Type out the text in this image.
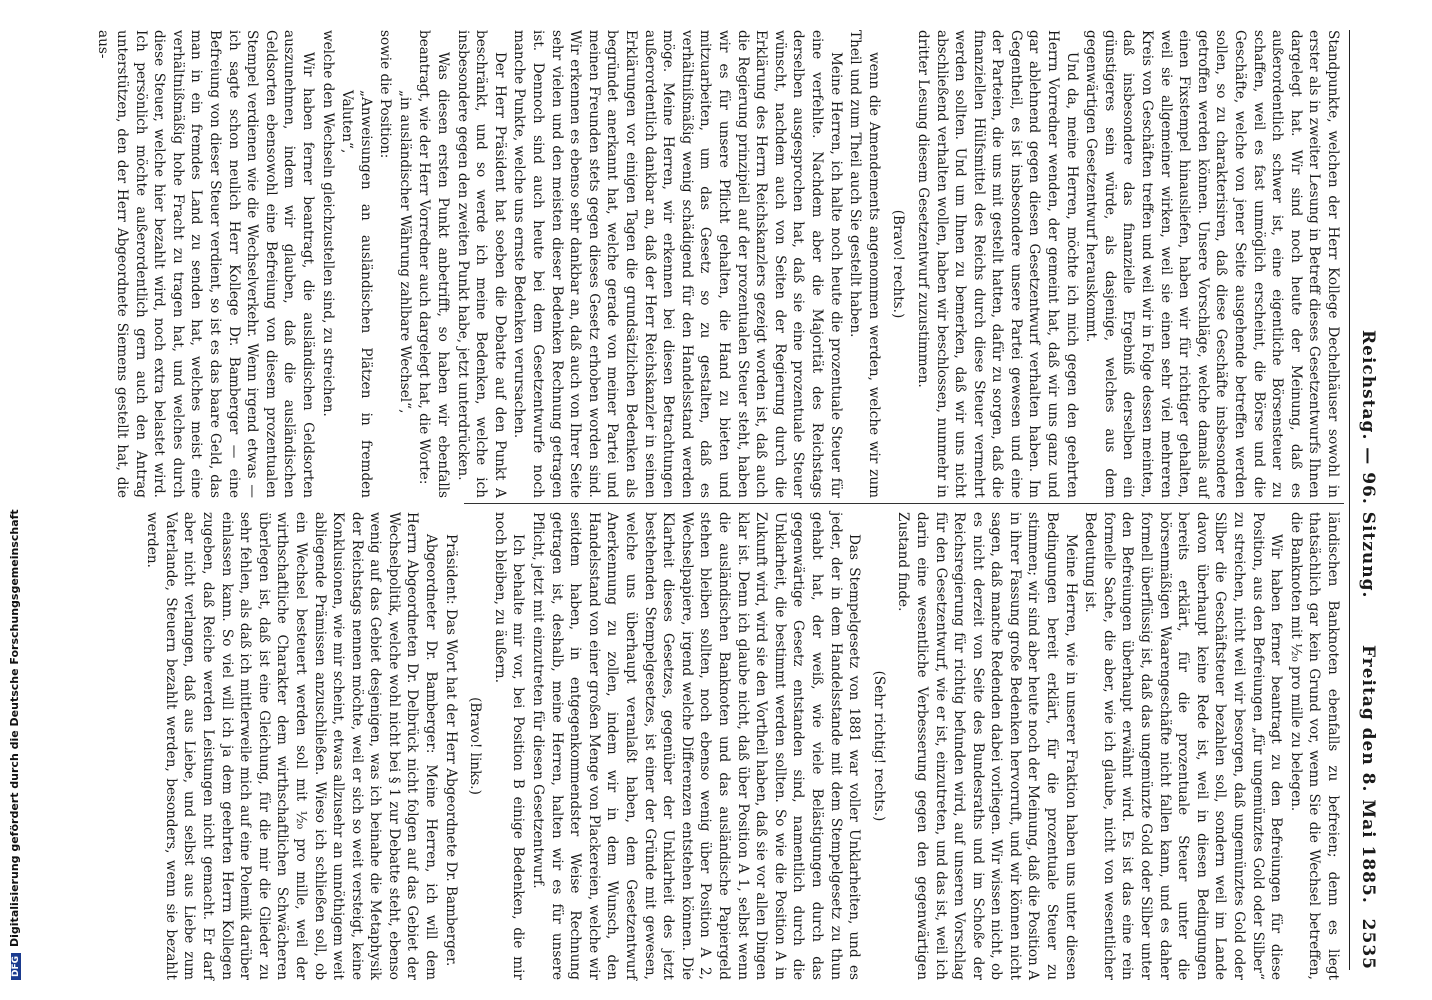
Reichstag. — 96. Sitzung.
Freitag den 8. Mai 1885.
2535

Standpunkte, welchen der Herr Kollege Dechelhäuser sowohl in erster als in zweiter Lesung in Betreff dieses Gesetzentwurfs Ihnen dargelegt hat. Wir sind noch heute der Meinung, daß es außerordentlich schwer ist, eine eigentliche Börsensteuer zu schaffen, weil es fast unmöglich erscheint, die Börse und die Geschäfte, welche von jener Seite ausgehende betreffen werden sollen, so zu charakterisiren, daß diese Geschäfte insbesondere getroffen werden können. Unsere Vorschläge, welche damals auf einen Fixstempel hinausliefen, haben wir für richtiger gehalten, weil sie allgemeiner wirken, weil sie einen sehr viel mehreren Kreis von Geschäften treffen und weil wir in Folge dessen meinten, daß insbesondere das finanzielle Ergebniß derselben ein günstigeres sein würde, als dasjenige, welches aus dem gegenwärtigen Gesetzentwurf herauskommt.

Und da, meine Herren, möchte ich mich gegen den geehrten Herrn Vorredner wenden, der gemeint hat, daß wir uns ganz und gar ablehnend gegen diesen Gesetzentwurf verhalten haben. Im Gegentheil, es ist insbesondere unsere Partei gewesen und eine der Parteien, die uns mit gestellt hatten, dafür zu sorgen, daß die finanziellen Hülfsmittel des Reichs durch diese Steuer vermehrt werden sollten. Und um Ihnen zu bemerken, daß wir uns nicht abschließend verhalten wollen, haben wir beschlossen, nunmehr in dritter Lesung diesem Gesetzentwurf zuzustimmen.

(Bravo! rechts.)

wenn die Amendements angenommen werden, welche wir zum Theil und zum Theil auch Sie gestellt haben.

Meine Herren, ich halte noch heute die prozentuale Steuer für eine verfehlte. Nachdem aber die Majorität des Reichstags derselben ausgesprochen hat, daß sie eine prozentuale Steuer wünscht, nachdem auch von Seiten der Regierung durch die Erklärung des Herrn Reichskanzlers gezeigt worden ist, daß auch die Regierung prinzipiell auf der prozentualen Steuer steht, haben wir es für unsere Pflicht gehalten, die Hand zu bieten und mitzuarbeiten, um das Gesetz so zu gestalten, daß es verhältnißmäßig wenig schädigend für den Handelsstand werden möge. Meine Herren, wir erkennen bei diesen Betrachtungen außerordentlich dankbar an, daß der Herr Reichskanzler in seinen Erklärungen vor einigen Tagen die grundsätzlichen Bedenken als begründet anerkannt hat, welche gerade von meiner Partei und meinen Freunden stets gegen dieses Gesetz erhoben worden sind. Wir erkennen es ebenso sehr dankbar an, daß auch von Ihrer Seite sehr vielen und den meisten dieser Bedenken Rechnung getragen ist. Dennoch sind auch heute bei dem Gesetzentwurfe noch manche Punkte, welche uns ernste Bedenken verursachen.

Der Herr Präsident hat soeben die Debatte auf den Punkt A beschränkt, und so werde ich meine Bedenken, welche ich insbesondere gegen den zweiten Punkt habe, jetzt unterdrücken.

Was diesen ersten Punkt anbetrifft, so haben wir ebenfalls beantragt, wie der Herr Vorredner auch dargelegt hat, die Worte:

„in ausländischer Währung zahlbare Wechsel“,

sowie die Position:

„Anweisungen an ausländischen Plätzen in fremden Valuten“,

welche den Wechseln gleichzustellen sind, zu streichen.

Wir haben ferner beantragt, die ausländischen Geldsorten auszunehmen, indem wir glauben, daß die ausländischen Geldsorten ebensowohl eine Befreiung von diesem prozentualen Stempel verdienen wie die Wechselverkehr. Wenn irgend etwas — ich sagte schon neulich Herr Kollege Dr. Bamberger — eine Befreiung von dieser Steuer verdient, so ist es das baare Geld, das man in ein fremdes Land zu senden hat, welches meist eine verhältnißmäßig hohe Fracht zu tragen hat, und welches durch diese Steuer, welche hier bezahlt wird, noch extra belastet wird. Ich persönlich möchte außerordentlich gern auch den Antrag unterstützen, den der Herr Abgeordnete Siemens gestellt hat, die aus-

ländischen Banknoten ebenfalls zu befreien; denn es liegt thatsächlich gar kein Grund vor, wenn Sie die Wechsel betreffen, die Banknoten mit ½₀ pro mille zu belegen.

Wir haben ferner beantragt zu den Befreiungen für diese Position, aus den Befreiungen „für ungemünztes Gold oder Silber“ zu streichen, nicht weil wir besorgen, daß ungemünztes Gold oder Silber die Geschäftsteuer bezahlen soll, sondern weil im Lande davon überhaupt keine Rede ist, weil in diesen Bedingungen bereits erklärt, für die prozentuale Steuer unter die börsenmäßigen Waarengeschäfte nicht fallen kann, und es daher formell überflüssig ist, daß das ungemünzte Gold oder Silber unter den Befreiungen überhaupt erwähnt wird. Es ist das eine rein formelle Sache, die aber, wie ich glaube, nicht von wesentlicher Bedeutung ist.

Meine Herren, wie in unserer Fraktion haben uns unter diesen Bedingungen bereit erklärt, für die prozentuale Steuer zu stimmen; wir sind aber heute noch der Meinung, daß die Position A in ihrer Fassung große Bedenken hervorruft, und wir können nicht sagen, daß manche Redenden dabei vorliegen. Wir wissen nicht, ob es nicht derzeit von Seite des Bundesraths und im Schoße der Reichsregierung für richtig befunden wird, auf unseren Vorschlag für den Gesetzentwurf, wie er ist, einzutreten, und das ist, weil ich darin eine wesentliche Verbesserung gegen den gegenwärtigen Zustand finde.

(Sehr richtig! rechts.)

Das Stempelgesetz von 1881 war voller Unklarheiten, und es jeder, der in dem Handelsstande mit dem Stempelgesetz zu thun gehabt hat, der weiß, wie viele Belästigungen durch das gegenwärtige Gesetz entstanden sind, namentlich durch die Unklarheit, die bestimmt werden sollten. So wie die Position A in Zukunft wird, wird sie den Vortheil haben, daß sie vor allen Dingen klar ist. Denn ich glaube nicht, daß über Position A 1, selbst wenn die ausländischen Banknoten und das ausländische Papiergeld stehen bleiben sollten, noch ebenso wenig über Position A 2, Wechselpapiere, irgend welche Differenzen entstehen können. Die Klarheit dieses Gesetzes, gegenüber der Unklarheit des jetzt bestehenden Stempelgesetzes, ist einer der Gründe mit gewesen, welche uns überhaupt veranlaßt haben, dem Gesetzentwurf Anerkennung zu zollen, indem wir in dem Wunsch, den Handelsstand von einer großen Menge von Plackereien, welche wir seitdem haben, in entgegenkommendster Weise Rechnung getragen ist, deshalb, meine Herren, halten wir es für unsere Pflicht, jetzt mit einzutreten für diesen Gesetzentwurf.

Ich behalte mir vor, bei Position B einige Bedenken, die mir noch bleiben, zu äußern.

(Bravo! links.)

Präsident: Das Wort hat der Herr Abgeordnete Dr. Bamberger.

Abgeordneter Dr. Bamberger: Meine Herren, ich will dem Herrn Abgeordneten Dr. Delbrück nicht folgen auf das Gebiet der Wechselpolitik, welche wohl nicht bei § 1 zur Debatte steht, ebenso wenig auf das Gebiet desjenigen, was ich beinahe die Metaphysik der Reichstags nennen möchte, weil er sich so weit versteigt, keine Konklusionen, wie mir scheint, etwas allzusehr an unnöthigem weit abliegende Prämissen anzuschließen. Wieso ich schließen soll, ob ein Wechsel besteuert werden soll mit ½₀ pro mille, weil der wirthschaftliche Charakter dem wirthschaftlichen Schwächeren überlegen ist, daß ist eine Gleichung, für die mir die Glieder zu sehr fehlen, als daß ich mittlerweile mich auf eine Polemik darüber einlassen kann. So viel will ich ja dem geehrten Herrn Kollegen zugeben, daß Reiche werden Leistungen nicht gemacht. Er darf aber nicht verlangen, daß aus Liebe, und selbst aus Liebe zum Vaterlande, Steuern bezahlt werden, besonders, wenn sie bezahlt werden.

DFGDigitalisierung gefördert durch die Deutsche Forschungsgemeinschaft
